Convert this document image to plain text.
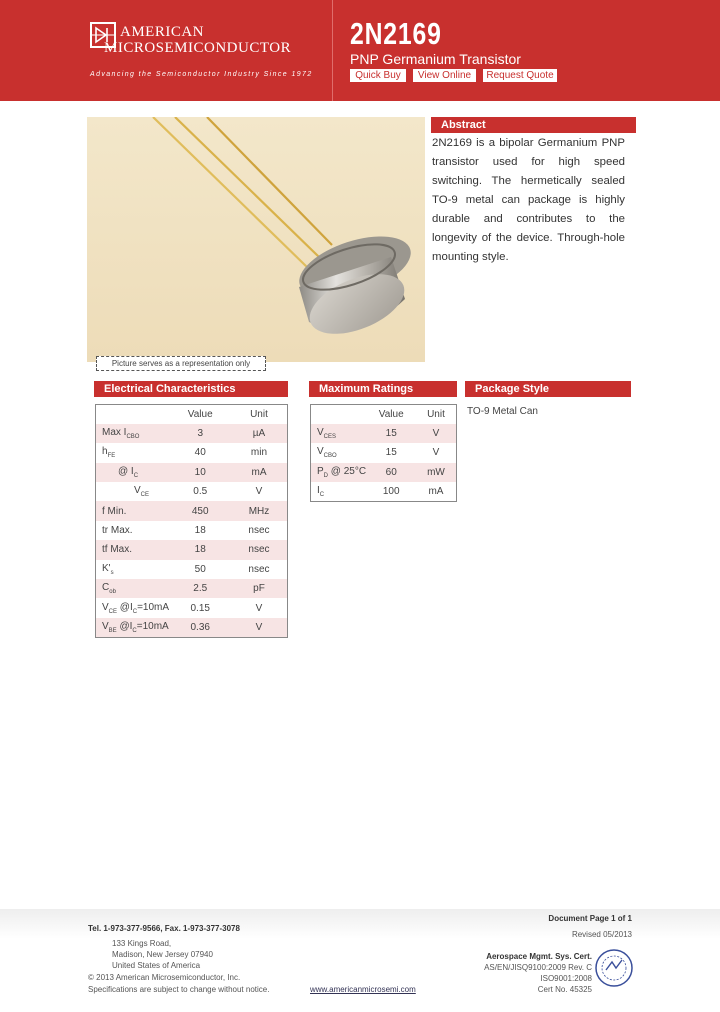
AMERICAN
MICROSEMICONDUCTOR
Advancing the Semiconductor Industry Since 1972
2N2169
PNP Germanium Transistor
Quick Buy	View Online	Request Quote
Picture serves as a representation only
Abstract
2N2169 is a bipolar Germanium PNP transistor used for high speed switching. The hermetically sealed TO-9 metal can package is highly durable and contributes to the longevity of the device. Through-hole mounting style.
Electrical Characteristics	Maximum Ratings	Package Style
TO-9 Metal Can
	Value	Unit
Max $I_{CBO}$	3	µA
$h_{FE}$	40	min
@ $I_C$	10	mA
$V_{CE}$	0.5	V
f Min.	450	MHz
tr Max.	18	nsec
tf Max.	18	nsec
$K'_s$	50	nsec
$C_{ob}$	2.5	pF
$V_{CE}$ $@I_C=10mA$	0.15	V
$V_{BE}$ $@I_C=10mA$	0.36	V
	Value	Unit
$V_{CES}$	15	V
$V_{CBO}$	15	V
$P_D$ @ 25°C	60	mW
$I_C$	100	mA
Tel. 1-973-377-9566, Fax. 1-973-377-3078
133 Kings Road,
Madison, New Jersey 07940
United States of America
© 2013 American Microsemiconductor, Inc.
Specifications are subject to change without notice.	www.americanmicrosemi.com
Document Page 1 of 1
Revised 05/2013
Aerospace Mgmt. Sys. Cert.
AS/EN/JISQ9100:2009 Rev. C
ISO9001:2008
Cert No. 45325
